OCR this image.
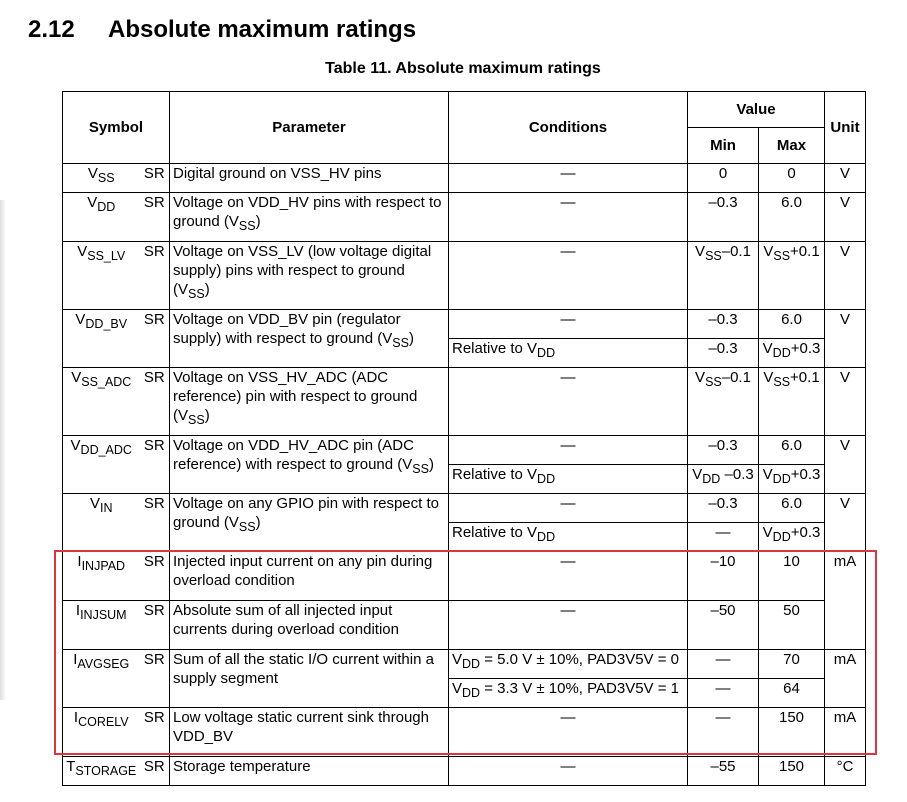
2.12 Absolute maximum ratings
Table 11. Absolute maximum ratings
Symbol		Parameter	Conditions	Value		Unit
				Min	Max	
$V_{SS}$	SR	Digital ground on VSS_HV pins	—	0	0	V
$V_{DD}$	SR	Voltage on VDD_HV pins with respect to ground $(V_{SS})$	—	–0.3	6.0	V
$V_{SS\_LV}$	SR	Voltage on VSS_LV (low voltage digital supply) pins with respect to ground $(V_{SS})$	—	$V_{SS}-0.1$	$V_{SS}+0.1$	V
$V_{DD\_BV}$	SR	Voltage on VDD_BV pin (regulator supply) with respect to ground $(V_{SS})$	—	–0.3	6.0	V
			Relative to $V_{DD}$	–0.3	$V_{DD}+0.3$	
$V_{SS\_ADC}$	SR	Voltage on VSS_HV_ADC (ADC reference) pin with respect to ground $(V_{SS})$	—	$V_{SS}-0.1$	$V_{SS}+0.1$	V
$V_{DD\_ADC}$	SR	Voltage on VDD_HV_ADC pin (ADC reference) with respect to ground $(V_{SS})$	—	–0.3	6.0	V
			Relative to $V_{DD}$	$V_{DD}$ –0.3	$V_{DD}+0.3$	
$V_{IN}$	SR	Voltage on any GPIO pin with respect to ground $(V_{SS})$	—	–0.3	6.0	V
			Relative to $V_{DD}$	—	$V_{DD}+0.3$	
$I_{INJPAD}$	SR	Injected input current on any pin during overload condition	—	–10	10	mA
$I_{INJSUM}$	SR	Absolute sum of all injected input currents during overload condition	—	–50	50	
$I_{AVGSEG}$	SR	Sum of all the static I/O current within a supply segment	$V_{DD} = 5.0$ V ± 10%, PAD3V5V = 0	—	70	mA
			$V_{DD} = 3.3$ V ± 10%, PAD3V5V = 1	—	64	
$I_{CORELV}$	SR	Low voltage static current sink through VDD_BV	—	—	150	mA
$T_{STORAGE}$	SR	Storage temperature	—	–55	150	°C
